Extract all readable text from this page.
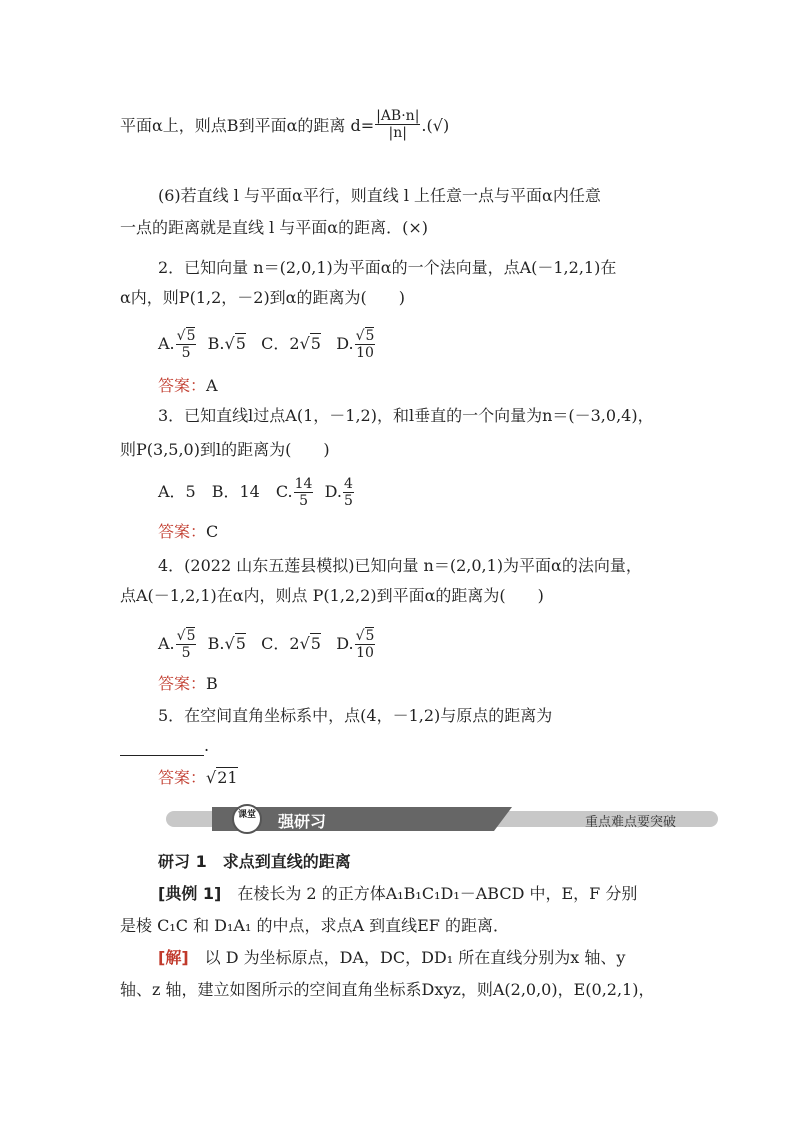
平面α上，则点B到平面α的距离 $d= \frac{|AB\cdot n|}{|n|}$ .(√)
(6)若直线 l 与平面α平行，则直线 l 上任意一点与平面α内任意
一点的距离就是直线 l 与平面α的距离．(×)
2．已知向量 n＝(2,0,1)为平面α的一个法向量，点A(－1,2,1)在
α内，则P(1,2，－2)到α的距离为(　　)
A. $\frac{√5}{5} B.√5$ C．2√5 D. $\frac{√5}{10}$
答案：A
3．已知直线l过点A(1，－1,2)，和l垂直的一个向量为n＝(－3,0,4)，
则P(3,5,0)到l的距离为(　　)
A．5　B．14　C. $\frac{14}{5} D$. $\frac{4}{5}$
答案：C
4．(2022 山东五莲县模拟)已知向量 n＝(2,0,1)为平面α的法向量，
点A(－1,2,1)在α内，则点 P(1,2,2)到平面α的距离为(　　)
A. $\frac{√5}{5} B.√5$ C．2√5 D. $\frac{√5}{10}$
答案：B
5．在空间直角坐标系中，点(4，－1,2)与原点的距离为
.
答案：√21
课堂	强研习	重点难点要突破
研习 1　求点到直线的距离
[典例 1]　在棱长为 2 的正方体A₁B₁C₁D₁－ABCD 中，E，F 分别
是棱 C₁C 和 D₁A₁ 的中点，求点A 到直线EF 的距离．
[解]　以 D 为坐标原点，DA，DC，DD₁ 所在直线分别为x 轴、y
轴、z 轴，建立如图所示的空间直角坐标系Dxyz，则A(2,0,0)，E(0,2,1)，
